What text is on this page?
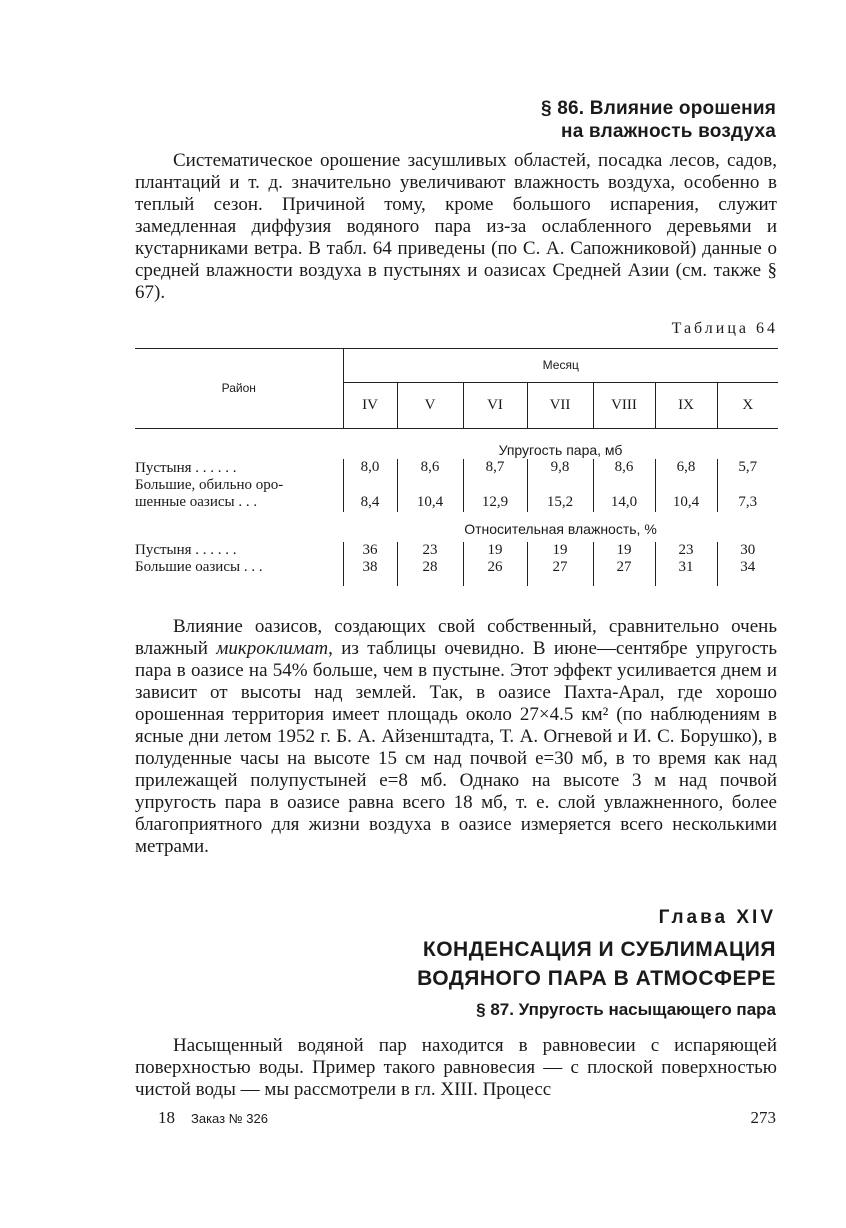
§ 86. Влияние орошения
на влажность воздуха
Систематическое орошение засушливых областей, посадка лесов, садов, плантаций и т. д. значительно увеличивают влажность воздуха, особенно в теплый сезон. Причиной тому, кроме большого испарения, служит замедленная диффузия водяного пара из-за ослабленного деревьями и кустарниками ветра. В табл. 64 приведены (по С. А. Сапожниковой) данные о средней влажности воздуха в пустынях и оазисах Средней Азии (см. также § 67).
Таблица 64
Район	Месяц						
	IV	V	VI	VII	VIII	IX	X
	Упругость пара, мб						
Пустыня . . . . . .	8,0	8,6	8,7	9,8	8,6	6,8	5,7
Большие, обильно оро-							
шенные оазисы . . .	8,4	10,4	12,9	15,2	14,0	10,4	7,3
	Относительная влажность, %						
Пустыня . . . . . .	36	23	19	19	19	23	30
Большие оазисы . . .	38	28	26	27	27	31	34

Влияние оазисов, создающих свой собственный, сравнительно очень влажный микроклимат, из таблицы очевидно. В июне—сентябре упругость пара в оазисе на 54% больше, чем в пустыне. Этот эффект усиливается днем и зависит от высоты над землей. Так, в оазисе Пахта-Арал, где хорошо орошенная территория имеет площадь около 27×4.5 км² (по наблюдениям в ясные дни летом 1952 г. Б. А. Айзенштадта, Т. А. Огневой и И. С. Борушко), в полуденные часы на высоте 15 см над почвой е=30 мб, в то время как над прилежащей полупустыней е=8 мб. Однако на высоте 3 м над почвой упругость пара в оазисе равна всего 18 мб, т. е. слой увлажненного, более благоприятного для жизни воздуха в оазисе измеряется всего несколькими метрами.
Глава XIV
КОНДЕНСАЦИЯ И СУБЛИМАЦИЯ
ВОДЯНОГО ПАРА В АТМОСФЕРЕ
§ 87. Упругость насыщающего пара
Насыщенный водяной пар находится в равновесии с испаряющей поверхностью воды. Пример такого равновесия — с плоской поверхностью чистой воды — мы рассмотрели в гл. XIII. Процесс
18 Заказ № 326	273
